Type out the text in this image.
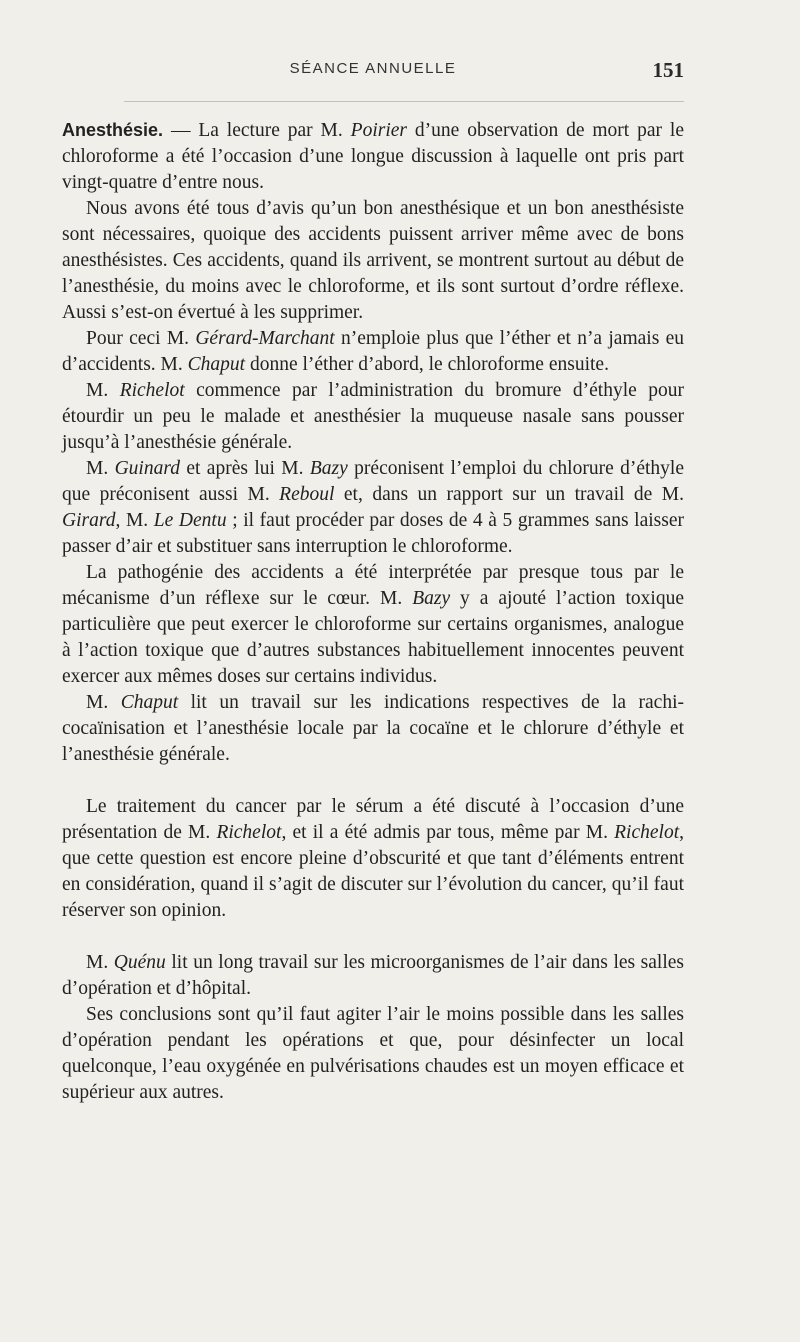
SÉANCE ANNUELLE	151

Anesthésie. — La lecture par M. Poirier d’une observation de mort par le chloroforme a été l’occasion d’une longue discussion à laquelle ont pris part vingt-quatre d’entre nous.

Nous avons été tous d’avis qu’un bon anesthésique et un bon anesthésiste sont nécessaires, quoique des accidents puissent arriver même avec de bons anesthésistes. Ces accidents, quand ils arrivent, se montrent surtout au début de l’anesthésie, du moins avec le chloroforme, et ils sont surtout d’ordre réflexe. Aussi s’est-on évertué à les supprimer.

Pour ceci M. Gérard-Marchant n’emploie plus que l’éther et n’a jamais eu d’accidents. M. Chaput donne l’éther d’abord, le chloroforme ensuite.

M. Richelot commence par l’administration du bromure d’éthyle pour étourdir un peu le malade et anesthésier la muqueuse nasale sans pousser jusqu’à l’anesthésie générale.

M. Guinard et après lui M. Bazy préconisent l’emploi du chlorure d’éthyle que préconisent aussi M. Reboul et, dans un rapport sur un travail de M. Girard, M. Le Dentu ; il faut procéder par doses de 4 à 5 grammes sans laisser passer d’air et substituer sans interruption le chloroforme.

La pathogénie des accidents a été interprétée par presque tous par le mécanisme d’un réflexe sur le cœur. M. Bazy y a ajouté l’action toxique particulière que peut exercer le chloroforme sur certains organismes, analogue à l’action toxique que d’autres substances habituellement innocentes peuvent exercer aux mêmes doses sur certains individus.

M. Chaput lit un travail sur les indications respectives de la rachi-cocaïnisation et l’anesthésie locale par la cocaïne et le chlorure d’éthyle et l’anesthésie générale.

Le traitement du cancer par le sérum a été discuté à l’occasion d’une présentation de M. Richelot, et il a été admis par tous, même par M. Richelot, que cette question est encore pleine d’obscurité et que tant d’éléments entrent en considération, quand il s’agit de discuter sur l’évolution du cancer, qu’il faut réserver son opinion.

M. Quénu lit un long travail sur les microorganismes de l’air dans les salles d’opération et d’hôpital.

Ses conclusions sont qu’il faut agiter l’air le moins possible dans les salles d’opération pendant les opérations et que, pour désinfecter un local quelconque, l’eau oxygénée en pulvérisations chaudes est un moyen efficace et supérieur aux autres.
